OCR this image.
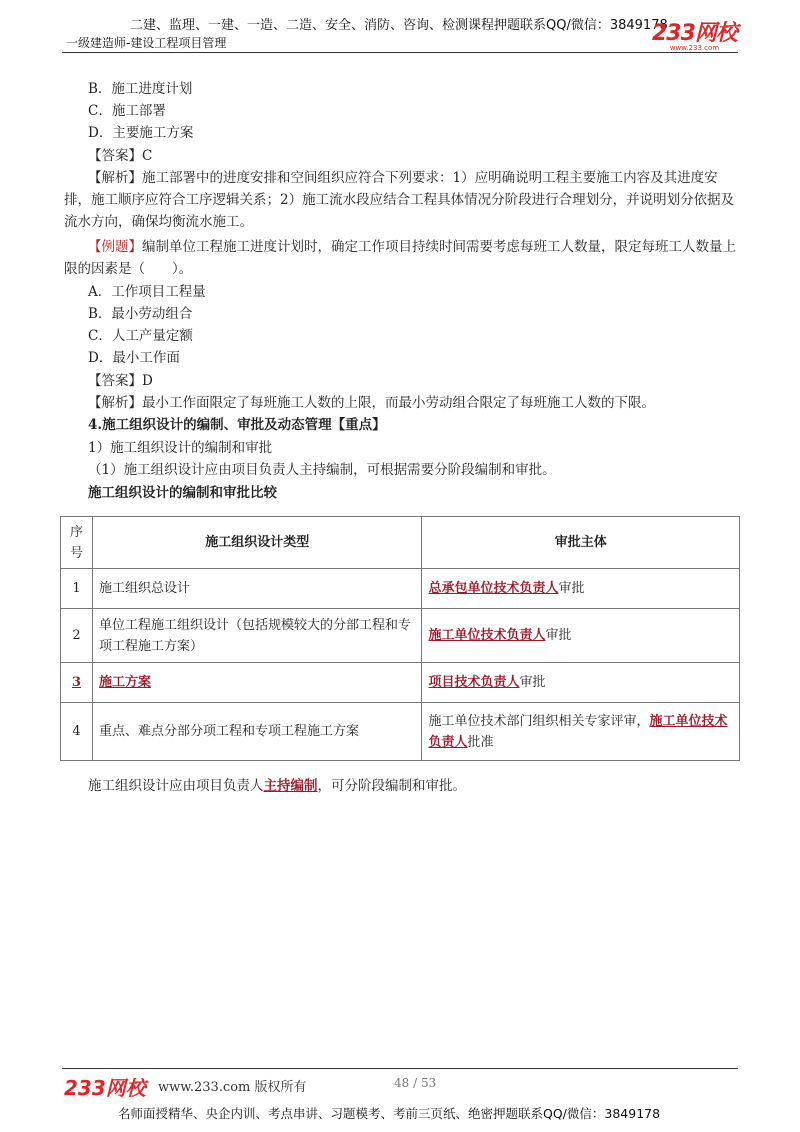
二建、监理、一建、一造、二造、安全、消防、咨询、检测课程押题联系QQ/微信：3849178
一级建造师-建设工程项目管理	233网校
www.233.com
B．施工进度计划
C．施工部署
D．主要施工方案
【答案】C
【解析】施工部署中的进度安排和空间组织应符合下列要求：1）应明确说明工程主要施工内容及其进度安排，施工顺序应符合工序逻辑关系；2）施工流水段应结合工程具体情况分阶段进行合理划分，并说明划分依据及流水方向，确保均衡流水施工。
【例题】编制单位工程施工进度计划时，确定工作项目持续时间需要考虑每班工人数量，限定每班工人数量上限的因素是（　　）。
A．工作项目工程量
B．最小劳动组合
C．人工产量定额
D．最小工作面
【答案】D
【解析】最小工作面限定了每班施工人数的上限，而最小劳动组合限定了每班施工人数的下限。
4.施工组织设计的编制、审批及动态管理【重点】
1）施工组织设计的编制和审批
（1）施工组织设计应由项目负责人主持编制，可根据需要分阶段编制和审批。
施工组织设计的编制和审批比较
序号	施工组织设计类型	审批主体
1	施工组织总设计	总承包单位技术负责人审批
2	单位工程施工组织设计（包括规模较大的分部工程和专项工程施工方案）	施工单位技术负责人审批
3	施工方案	项目技术负责人审批
4	重点、难点分部分项工程和专项工程施工方案	施工单位技术部门组织相关专家评审，施工单位技术负责人批准
施工组织设计应由项目负责人主持编制，可分阶段编制和审批。
233网校 www.233.com 版权所有	48 / 53
名师面授精华、央企内训、考点串讲、习题模考、考前三页纸、绝密押题联系QQ/微信：3849178
